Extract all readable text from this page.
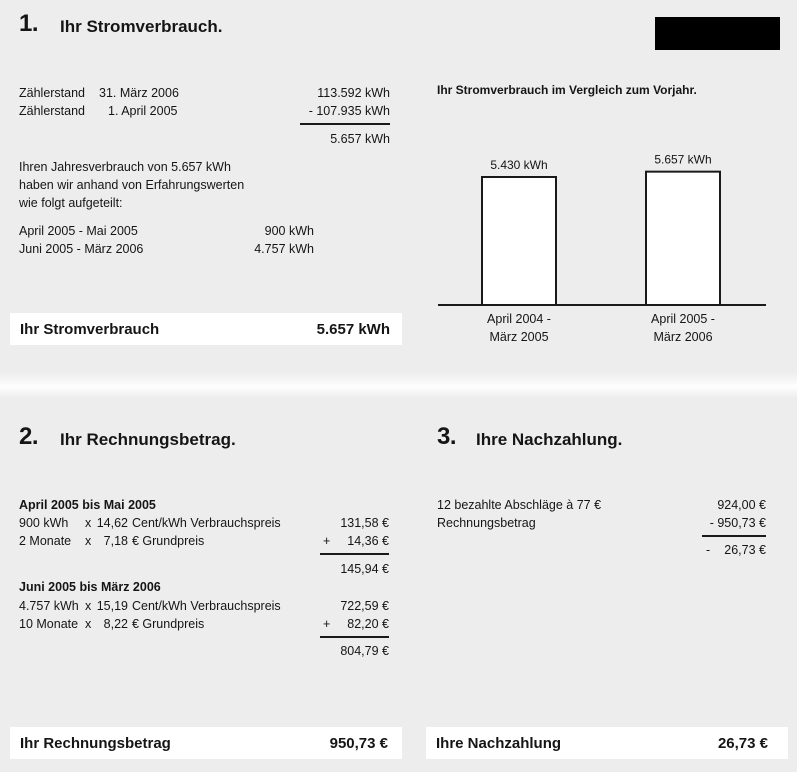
1. Ihr Stromverbrauch.
Zählerstand 31. März 2006	113.592 kWh
Zählerstand 1. April 2005	- 107.935 kWh
5.657 kWh
Ihren Jahresverbrauch von 5.657 kWh
haben wir anhand von Erfahrungswerten
wie folgt aufgeteilt:
April 2005 - Mai 2005	900 kWh
Juni 2005 - März 2006	4.757 kWh
Ihr Stromverbrauch	5.657 kWh
Ihr Stromverbrauch im Vergleich zum Vorjahr.
5.430 kWh
April 2004 -
März 2005
5.657 kWh
April 2005 -
März 2006
2. Ihr Rechnungsbetrag.
April 2005 bis Mai 2005
900 kWh x 14,62 Cent/kWh Verbrauchspreis	131,58 €
2 Monate x 7,18 € Grundpreis	+ 14,36 €
145,94 €
Juni 2005 bis März 2006
4.757 kWh x 15,19 Cent/kWh Verbrauchspreis	722,59 €
10 Monate x 8,22 € Grundpreis	+ 82,20 €
804,79 €
Ihr Rechnungsbetrag	950,73 €
3. Ihre Nachzahlung.
12 bezahlte Abschläge à 77 €	924,00 €
Rechnungsbetrag	- 950,73 €
- 26,73 €
Ihre Nachzahlung	26,73 €
